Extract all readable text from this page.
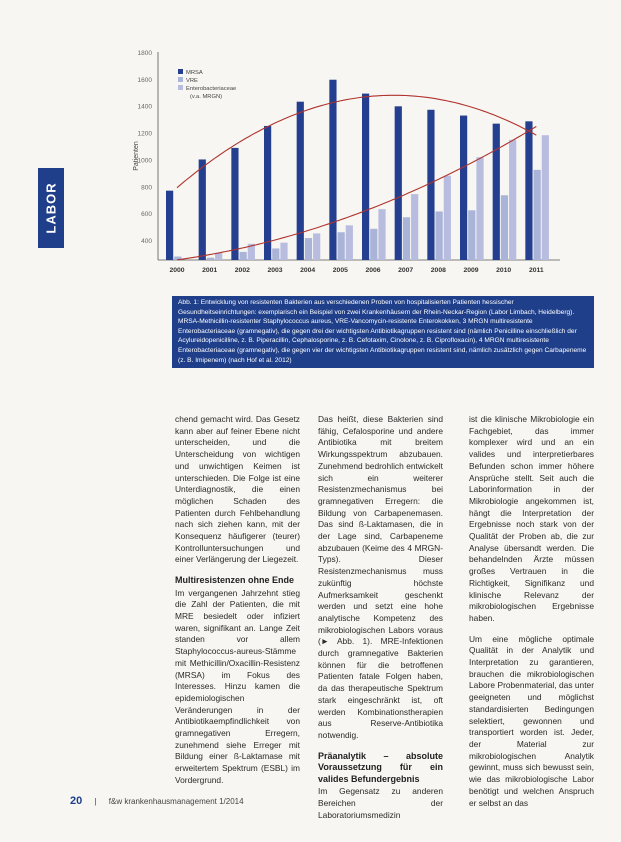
LABOR
1800
1600
1400
1200
1000
800
600
400
Patienten
2000	2001	2002	2003	2004	2005	2006	2007	2008	2009	2010	2011
MRSA
VRE
Enterobacteriaceae
(v.a. MRGN)
Abb. 1: Entwicklung von resistenten Bakterien aus verschiedenen Proben von hospitalisierten Patienten hessischer Gesundheitseinrichtungen: exemplarisch ein Beispiel von zwei Krankenhäusern der Rhein-Neckar-Region (Labor Limbach, Heidelberg). MRSA-Methicillin-resistenter Staphylococcus aureus, VRE-Vancomycin-resistente Enterokokken, 3 MRGN multiresistente Enterobacteriaceae (gramnegativ), die gegen drei der wichtigsten Antibiotikagruppen resistent sind (nämlich Penicilline einschließlich der Acylureidopenicilline, z. B. Piperacillin, Cephalosporine, z. B. Cefotaxim, Cinolone, z. B. Ciprofloxacin), 4 MRGN multiresistente Enterobacteriaceae (gramnegativ), die gegen vier der wichtigsten Antibiotikagruppen resistent sind, nämlich zusätzlich gegen Carbapeneme (z. B. Imipenem) (nach Hof et al. 2012)

chend gemacht wird. Das Gesetz kann aber auf feiner Ebene nicht unterscheiden, und die Unterscheidung von wichtigen und unwichtigen Keimen ist unterschieden. Die Folge ist eine Unterdiagnostik, die einen möglichen Schaden des Patienten durch Fehlbehandlung nach sich ziehen kann, mit der Konsequenz häufigerer (teurer) Kontrolluntersuchungen und einer Verlängerung der Liegezeit.

Multiresistenzen ohne Ende

Im vergangenen Jahrzehnt stieg die Zahl der Patienten, die mit MRE besiedelt oder infiziert waren, signifikant an. Lange Zeit standen vor allem Staphylococcus-aureus-Stämme mit Methicillin/Oxacillin-Resistenz (MRSA) im Fokus des Interesses. Hinzu kamen die epidemiologischen Veränderungen in der Antibiotikaempfindlichkeit von gramnegativen Erregern, zunehmend siehe Erreger mit Bildung einer ß-Laktamase mit erweitertem Spektrum (ESBL) im Vordergrund.

Das heißt, diese Bakterien sind fähig, Cefalosporine und andere Antibiotika mit breitem Wirkungsspektrum abzubauen. Zunehmend bedrohlich entwickelt sich ein weiterer Resistenzmechanismus bei gramnegativen Erregern: die Bildung von Carbapenemasen. Das sind ß-Laktamasen, die in der Lage sind, Carbapeneme abzubauen (Keime des 4 MRGN-Typs). Dieser Resistenzmechanismus muss zukünftig höchste Aufmerksamkeit geschenkt werden und setzt eine hohe analytische Kompetenz des mikrobiologischen Labors voraus (► Abb. 1). MRE-Infektionen durch gramnegative Bakterien können für die betroffenen Patienten fatale Folgen haben, da das therapeutische Spektrum stark eingeschränkt ist, oft werden Kombinationstherapien aus Reserve-Antibiotika notwendig.

Präanalytik – absolute Voraussetzung für ein valides Befundergebnis

Im Gegensatz zu anderen Bereichen der Laboratoriumsmedizin

ist die klinische Mikrobiologie ein Fachgebiet, das immer komplexer wird und an ein valides und interpretierbares Befunden schon immer höhere Ansprüche stellt. Seit auch die Laborinformation in der Mikrobiologie angekommen ist, hängt die Interpretation der Ergebnisse noch stark von der Qualität der Proben ab, die zur Analyse übersandt werden. Die behandelnden Ärzte müssen großes Vertrauen in die Richtigkeit, Signifikanz und klinische Relevanz der mikrobiologischen Ergebnisse haben.

Um eine mögliche optimale Qualität in der Analytik und Interpretation zu garantieren, brauchen die mikrobiologischen Labore Probenmaterial, das unter geeigneten und möglichst standardisierten Bedingungen selektiert, gewonnen und transportiert worden ist. Jeder, der Material zur mikrobiologischen Analytik gewinnt, muss sich bewusst sein, wie das mikrobiologische Labor benötigt und welchen Anspruch er selbst an das

20 | f&w krankenhausmanagement 1/2014
